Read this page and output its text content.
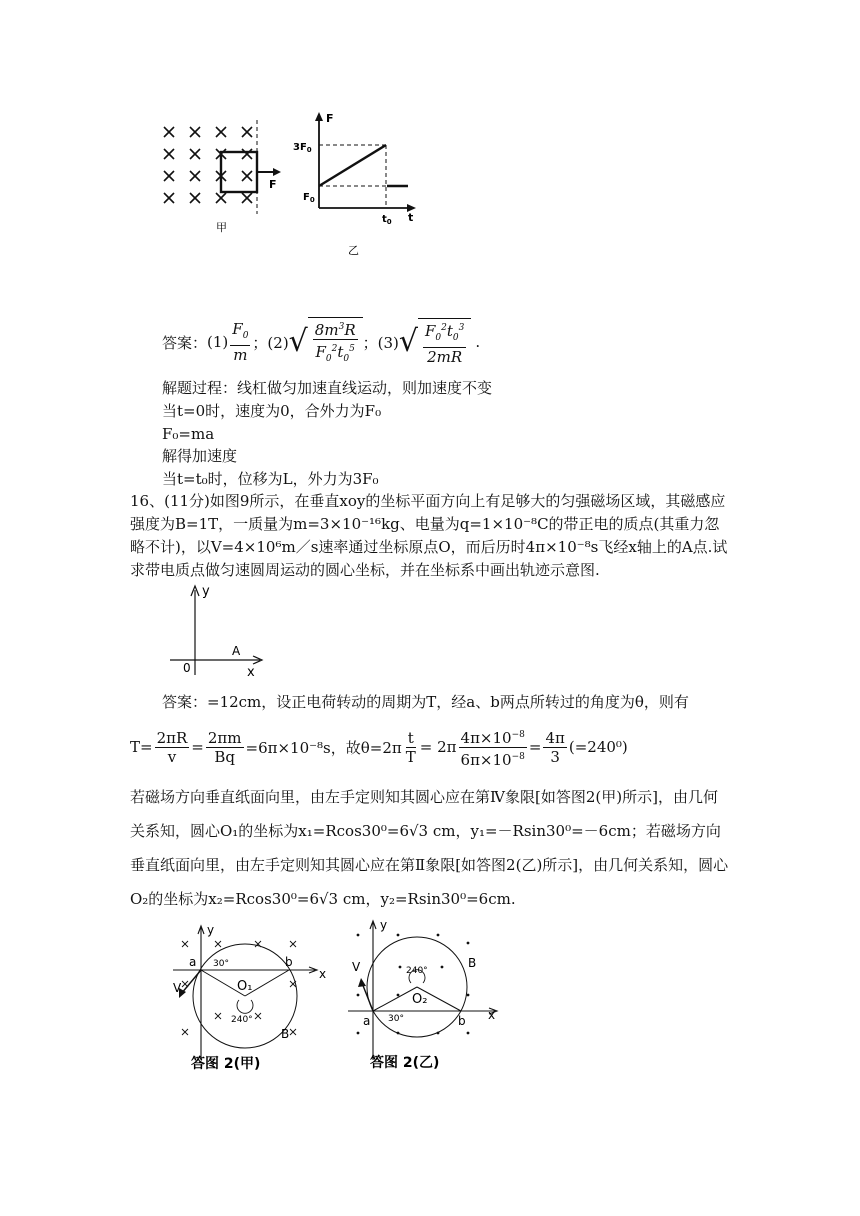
F
甲
F
t
$3F_0$
$F_0$
$t_0$
乙
答案： $(1) \frac{F_0}{m}$ ；(2) √ $\frac{8m^3R}{F_0^2t_0^5}$ ；(3) √ $\frac{F_0^2t_0^3}{2mR}$ .
解题过程：线杠做匀加速直线运动，则加速度不变
当t=0时，速度为0，合外力为F₀
F₀=ma
解得加速度
当t=t₀时，位移为L，外力为3F₀
16、(11分)如图9所示，在垂直xoy的坐标平面方向上有足够大的匀强磁场区域，其磁感应强度为B=1T，一质量为m=3×10⁻¹⁶kg、电量为q=1×10⁻⁸C的带正电的质点(其重力忽略不计)，以V=4×10⁶m／s速率通过坐标原点O，而后历时4π×10⁻⁸s飞经x轴上的A点.试求带电质点做匀速圆周运动的圆心坐标，并在坐标系中画出轨迹示意图.
y
x
0
A
答案：=12cm，设正电荷转动的周期为T，经a、b两点所转过的角度为θ，则有
$T= \frac{2\pi R}{v} = \frac{2\pi m}{Bq} =6\pi\times 10^{-8}s$，故$\theta=2\pi \frac{t}{T} = 2\pi \frac{4\pi\times 10^{-8}}{6\pi\times 10^{-8}} = \frac{4\pi}{3} (=240^0)$
若磁场方向垂直纸面向里，由左手定则知其圆心应在第Ⅳ象限[如答图2(甲)所示]，由几何关系知，圆心O₁的坐标为x₁=Rcos30⁰=6√3 cm，y₁=－Rsin30⁰=－6cm；若磁场方向垂直纸面向里，由左手定则知其圆心应在第Ⅱ象限[如答图2(乙)所示]，由几何关系知，圆心O₂的坐标为x₂=Rcos30⁰=6√3 cm，y₂=Rsin30⁰=6cm.
y
x
a	b
V	O₁
30°
240°
B
答图 2(甲)
y
x
a	b
V
O₂
30°
240°
B
答图 2(乙)
